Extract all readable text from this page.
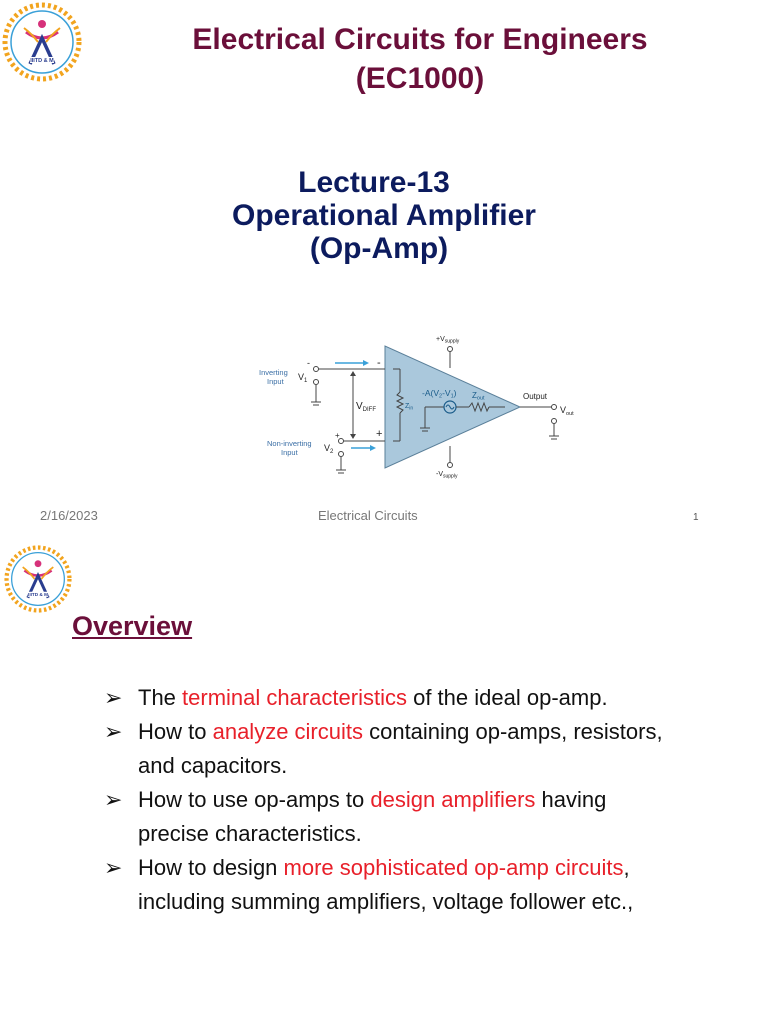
IIITD & M
Electrical Circuits for Engineers
(EC1000)
Lecture-13
Operational Amplifier
(Op-Amp)
Inverting
Input $V_1$
-
Non-inverting
Input	$V_2$
+
$V_{DIFF}$
-
+
$Z_{in}$
-A(V2-V1) Zout	Output
$V_{out}$
$+V_{supply}$
$-V_{supply}$
2/16/2023	Electrical Circuits	1
IIITD & M
Overview
➢ The terminal characteristics of the ideal op-amp.
➢ How to analyze circuits containing op-amps, resistors, and capacitors.
➢ How to use op-amps to design amplifiers having precise characteristics.
➢ How to design more sophisticated op-amp circuits, including summing amplifiers, voltage follower etc.,
